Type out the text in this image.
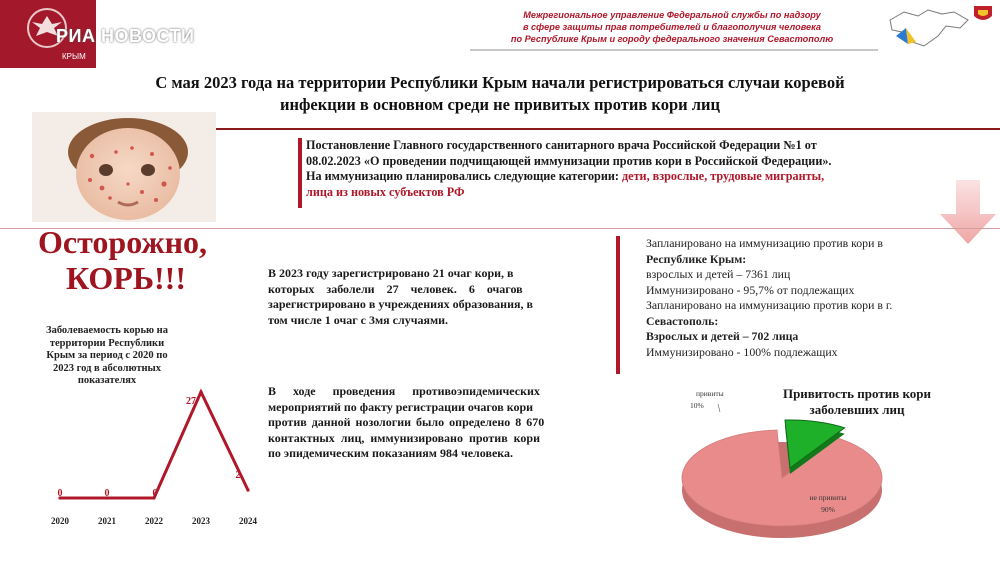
РИА НОВОСТИ
КРЫМ
Межрегиональное управление Федеральной службы по надзору
в сфере защиты прав потребителей и благополучия человека
по Республике Крым и городу федерального значения Севастополю
С мая 2023 года на территории Республики Крым начали регистрироваться случаи коревой
инфекции в основном среди не привитых против кори лиц
Постановление Главного государственного санитарного врача Российской Федерации №1 от
08.02.2023 «О проведении подчищающей иммунизации против кори в Российской Федерации».
На иммунизацию планировались следующие категории: дети, взрослые, трудовые мигранты,
лица из новых субъектов РФ
Осторожно,
КОРЬ!!!
Заболеваемость корью на
территории Республики
Крым за период с 2020 по
2023 год в абсолютных
показателях
0
2020
0
2021
0
2022
27
2023
2
2024
В 2023 году зарегистрировано 21 очаг кори, в
которых заболели 27 человек. 6 очагов
зарегистрировано в учреждениях образования, в
том числе 1 очаг с 3мя случаями.
В ходе проведения противоэпидемических
мероприятий по факту регистрации очагов кори
против данной нозологии было определено 8 670
контактных лиц, иммунизировано против кори
по эпидемическим показаниям 984 человека.
Запланировано на иммунизацию против кори в
Республике Крым:
взрослых и детей – 7361 лиц
Иммунизировано - 95,7% от подлежащих
Запланировано на иммунизацию против кори в г.
Севастополь:
Взрослых и детей – 702 лица
Иммунизировано - 100% подлежащих
Привитость против кори
заболевших лиц
привиты
10%
не привиты
90%
